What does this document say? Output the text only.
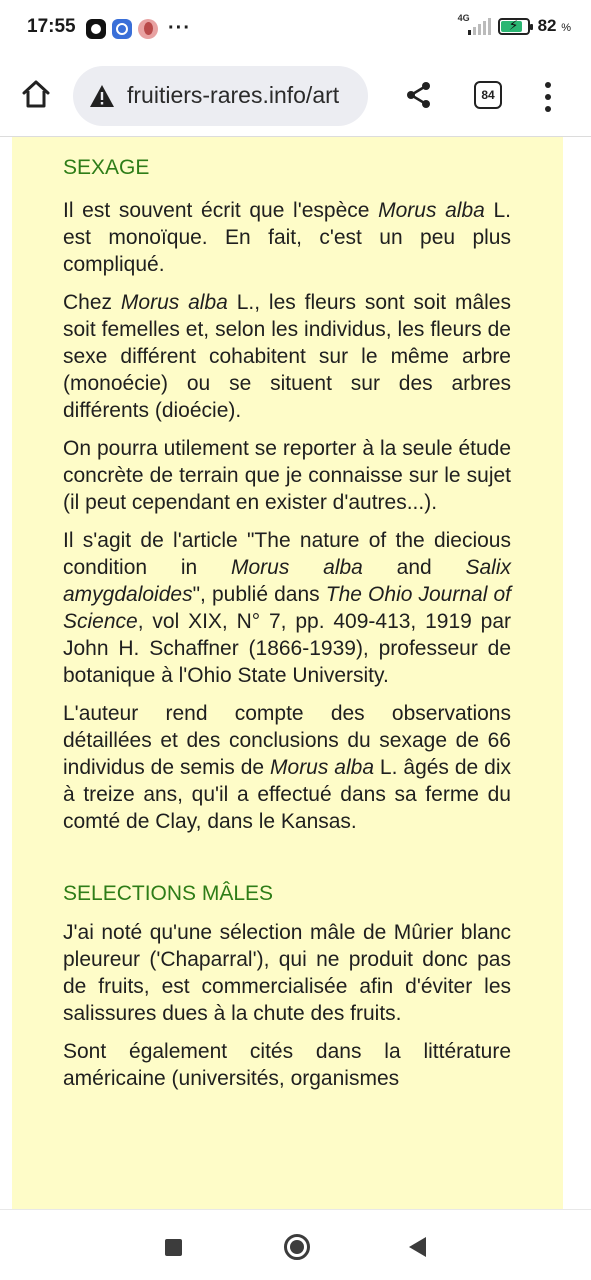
17:55	···	4G	⚡ 82 %
fruitiers-rares.info/art	84
SEXAGE

Il est souvent écrit que l'espèce Morus alba L. est monoïque. En fait, c'est un peu plus compliqué.

Chez Morus alba L., les fleurs sont soit mâles soit femelles et, selon les individus, les fleurs de sexe différent cohabitent sur le même arbre (monoécie) ou se situent sur des arbres différents (dioécie).

On pourra utilement se reporter à la seule étude concrète de terrain que je connaisse sur le sujet (il peut cependant en exister d'autres...).

Il s'agit de l'article "The nature of the diecious condition in Morus alba and Salix amygdaloides", publié dans The Ohio Journal of Science, vol XIX, N° 7, pp. 409-413, 1919 par John H. Schaffner (1866-1939), professeur de botanique à l'Ohio State University.

L'auteur rend compte des observations détaillées et des conclusions du sexage de 66 individus de semis de Morus alba L. âgés de dix à treize ans, qu'il a effectué dans sa ferme du comté de Clay, dans le Kansas.

SELECTIONS MÂLES

J'ai noté qu'une sélection mâle de Mûrier blanc pleureur ('Chaparral'), qui ne produit donc pas de fruits, est commercialisée afin d'éviter les salissures dues à la chute des fruits.

Sont également cités dans la littérature américaine (universités, organismes
